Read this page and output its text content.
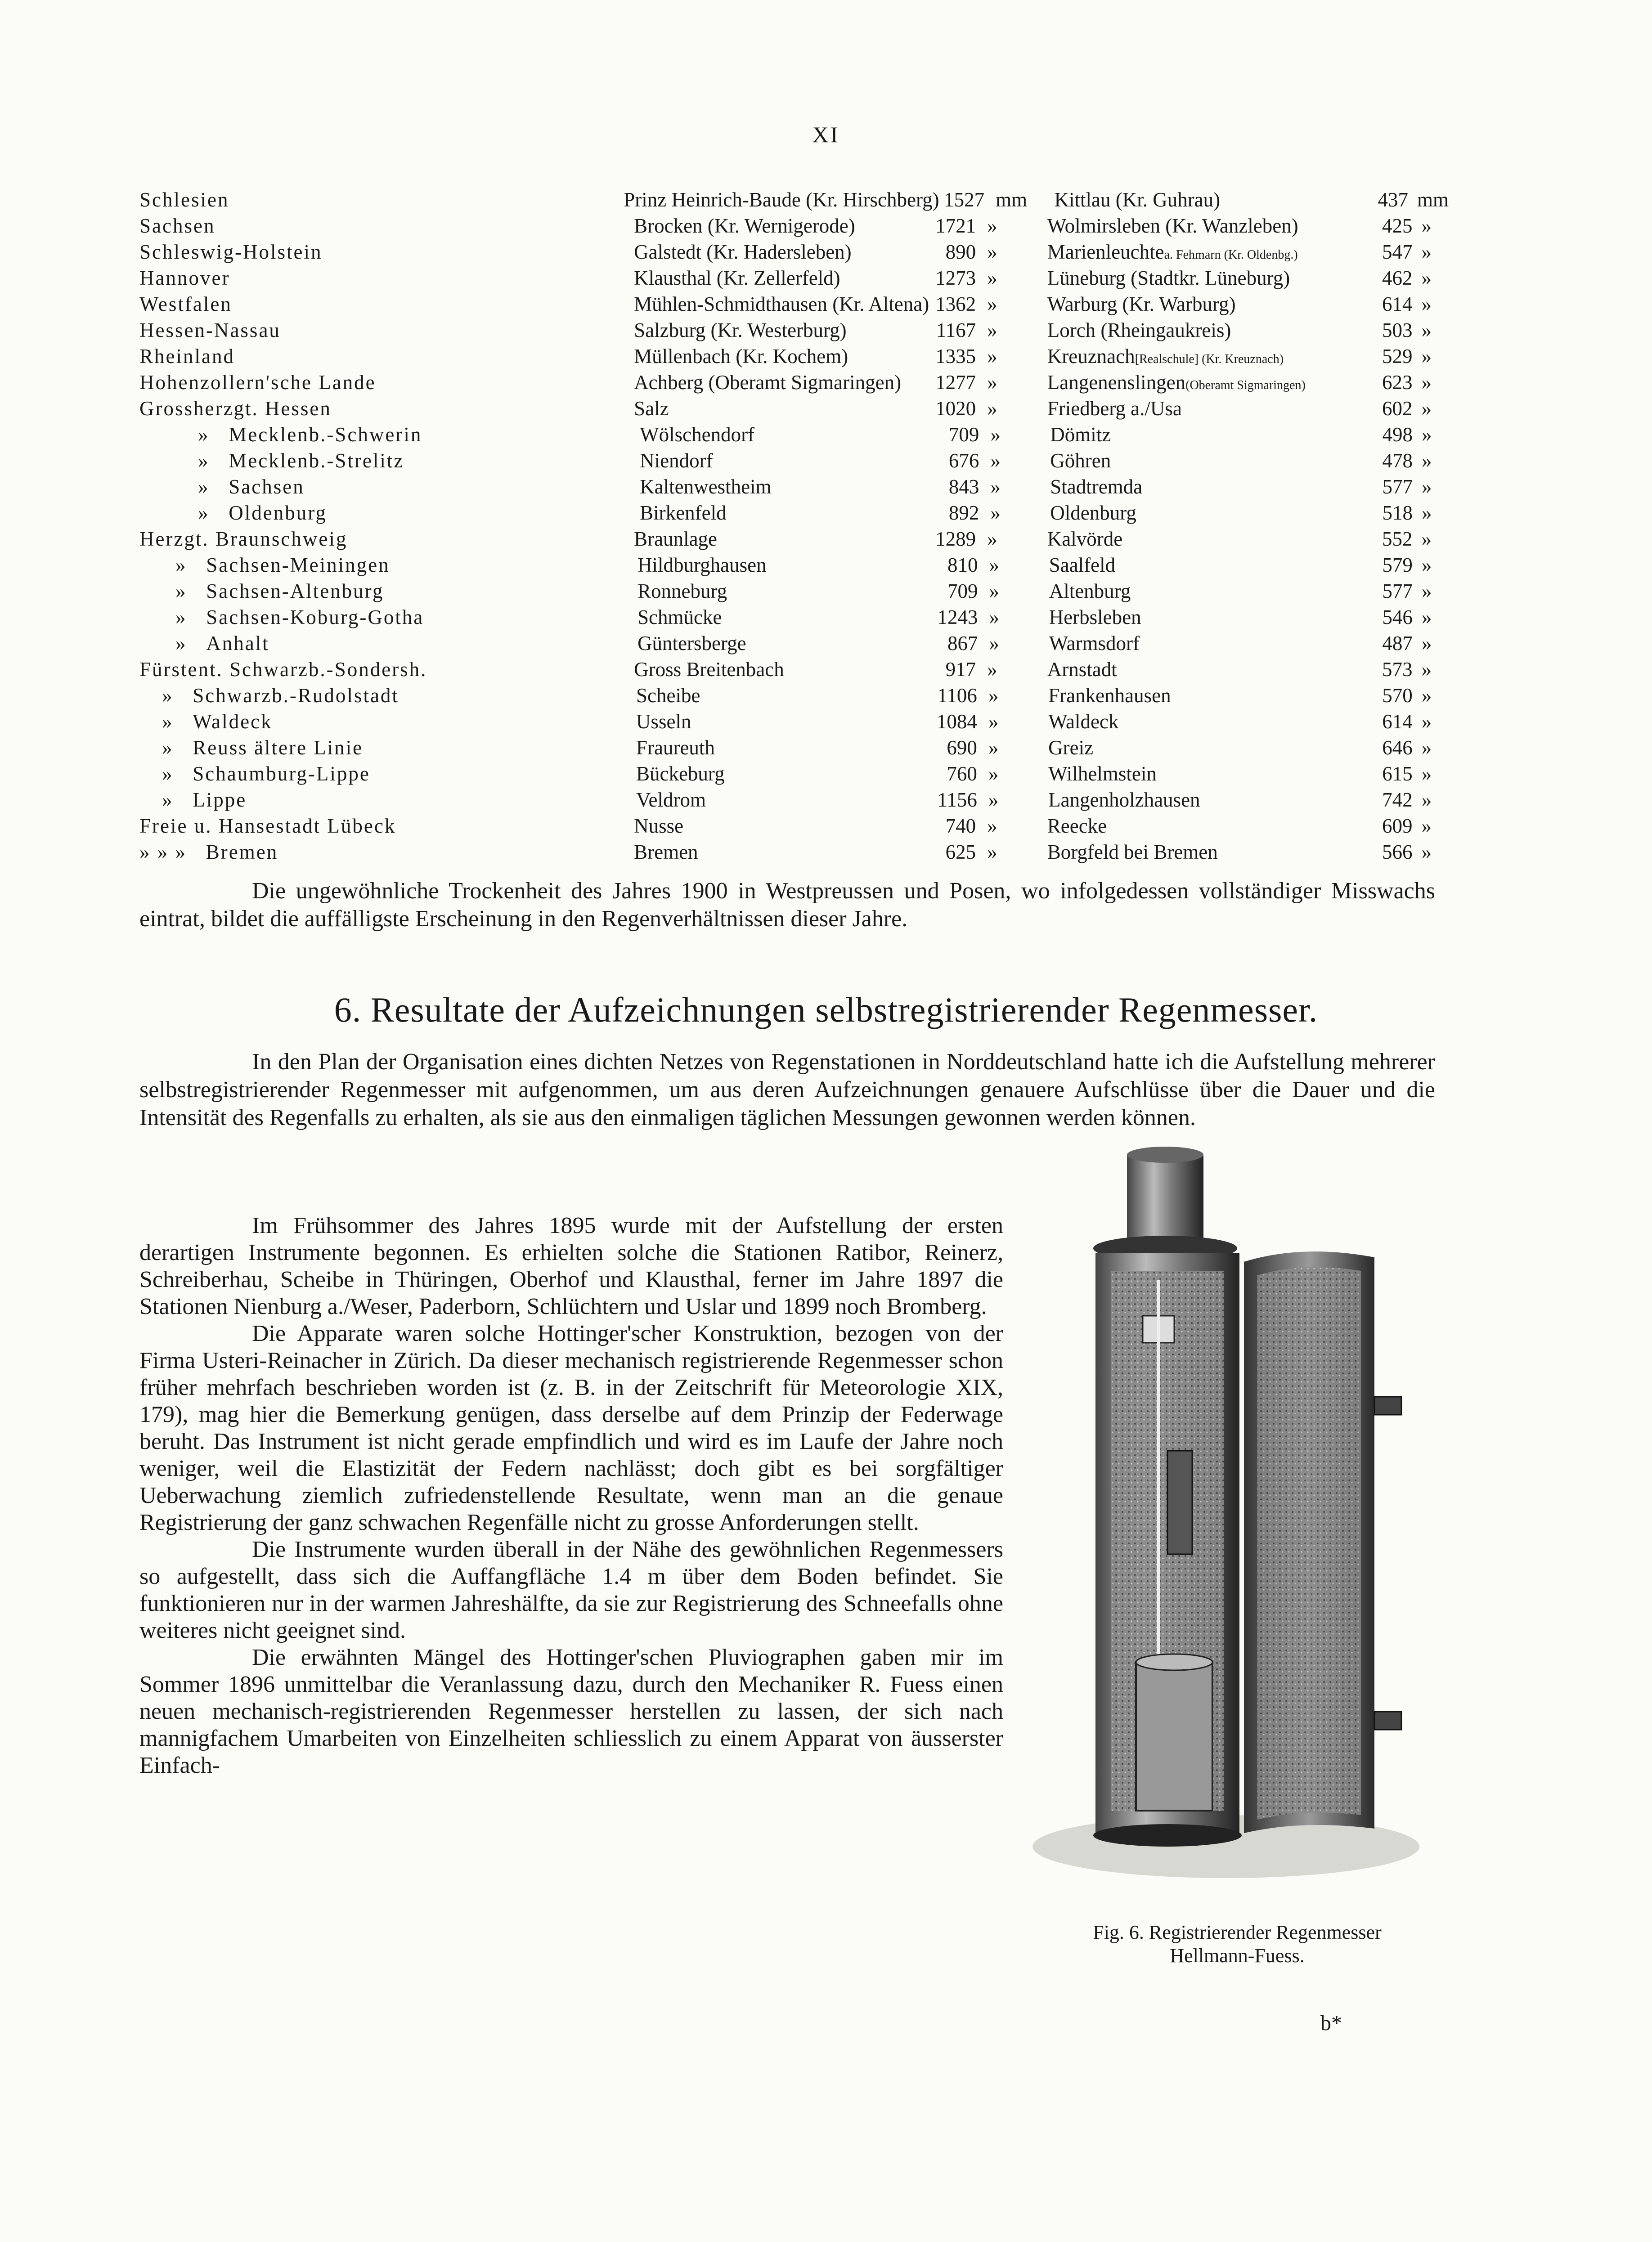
XI
Schlesien	Prinz Heinrich-Baude (Kr. Hirschberg) 1527 mm	Kittlau (Kr. Guhrau)	437 mm
Sachsen	Brocken (Kr. Wernigerode)	1721 »	Wolmirsleben (Kr. Wanzleben)	425 »
Schleswig-Holstein	Galstedt (Kr. Hadersleben)	890 »	Marienleuchtea. Fehmarn (Kr. Oldenbg.)	547 »
Hannover	Klausthal (Kr. Zellerfeld)	1273 »	Lüneburg (Stadtkr. Lüneburg)	462 »
Westfalen	Mühlen-Schmidthausen (Kr. Altena) 1362 »	Warburg (Kr. Warburg)	614 »
Hessen-Nassau	Salzburg (Kr. Westerburg)	1167 »	Lorch (Rheingaukreis)	503 »
Rheinland	Müllenbach (Kr. Kochem)	1335 »	Kreuznach[Realschule] (Kr. Kreuznach)	529 »
Hohenzollern'sche Lande	Achberg (Oberamt Sigmaringen)	1277 »	Langenenslingen(Oberamt Sigmaringen)	623 »
Grossherzgt. Hessen	Salz	1020 »	Friedberg a./Usa	602 »
» Mecklenb.-Schwerin	Wölschendorf	709 »	Dömitz	498 »
» Mecklenb.-Strelitz	Niendorf	676 »	Göhren	478 »
» Sachsen	Kaltenwestheim	843 »	Stadtremda	577 »
» Oldenburg	Birkenfeld	892 »	Oldenburg	518 »
Herzgt. Braunschweig	Braunlage	1289 »	Kalvörde	552 »
» Sachsen-Meiningen	Hildburghausen	810 »	Saalfeld	579 »
» Sachsen-Altenburg	Ronneburg	709 »	Altenburg	577 »
» Sachsen-Koburg-Gotha	Schmücke	1243 »	Herbsleben	546 »
» Anhalt	Güntersberge	867 »	Warmsdorf	487 »
Fürstent. Schwarzb.-Sondersh.	Gross Breitenbach	917 »	Arnstadt	573 »
» Schwarzb.-Rudolstadt	Scheibe	1106 »	Frankenhausen	570 »
» Waldeck	Usseln	1084 »	Waldeck	614 »
» Reuss ältere Linie	Fraureuth	690 »	Greiz	646 »
» Schaumburg-Lippe	Bückeburg	760 »	Wilhelmstein	615 »
» Lippe	Veldrom	1156 »	Langenholzhausen	742 »
Freie u. Hansestadt Lübeck	Nusse	740 »	Reecke	609 »
» » » Bremen	Bremen	625 »	Borgfeld bei Bremen	566 »
Die ungewöhnliche Trockenheit des Jahres 1900 in Westpreussen und Posen, wo infolgedessen vollständiger Misswachs eintrat, bildet die auffälligste Erscheinung in den Regenverhältnissen dieser Jahre.
6. Resultate der Aufzeichnungen selbstregistrierender Regenmesser.
In den Plan der Organisation eines dichten Netzes von Regenstationen in Norddeutschland hatte ich die Aufstellung mehrerer selbstregistrierender Regenmesser mit aufgenommen, um aus deren Aufzeichnungen genauere Aufschlüsse über die Dauer und die Intensität des Regenfalls zu erhalten, als sie aus den einmaligen täglichen Messungen gewonnen werden können.

Im Frühsommer des Jahres 1895 wurde mit der Aufstellung der ersten derartigen Instrumente begonnen. Es erhielten solche die Stationen Ratibor, Reinerz, Schreiberhau, Scheibe in Thüringen, Oberhof und Klausthal, ferner im Jahre 1897 die Stationen Nienburg a./Weser, Paderborn, Schlüchtern und Uslar und 1899 noch Bromberg.

Die Apparate waren solche Hottinger'scher Konstruktion, bezogen von der Firma Usteri-Reinacher in Zürich. Da dieser mechanisch registrierende Regenmesser schon früher mehrfach beschrieben worden ist (z. B. in der Zeitschrift für Meteorologie XIX, 179), mag hier die Bemerkung genügen, dass derselbe auf dem Prinzip der Federwage beruht. Das Instrument ist nicht gerade empfindlich und wird es im Laufe der Jahre noch weniger, weil die Elastizität der Federn nachlässt; doch gibt es bei sorgfältiger Ueberwachung ziemlich zufriedenstellende Resultate, wenn man an die genaue Registrierung der ganz schwachen Regenfälle nicht zu grosse Anforderungen stellt.

Die Instrumente wurden überall in der Nähe des gewöhnlichen Regenmessers so aufgestellt, dass sich die Auffangfläche 1.4 m über dem Boden befindet. Sie funktionieren nur in der warmen Jahreshälfte, da sie zur Registrierung des Schneefalls ohne weiteres nicht geeignet sind.

Die erwähnten Mängel des Hottinger'schen Pluviographen gaben mir im Sommer 1896 unmittelbar die Veranlassung dazu, durch den Mechaniker R. Fuess einen neuen mechanisch-registrierenden Regenmesser herstellen zu lassen, der sich nach mannigfachem Umarbeiten von Einzelheiten schliesslich zu einem Apparat von äusserster Einfach-

Fig. 6. Registrierender Regenmesser
Hellmann-Fuess.
b*
